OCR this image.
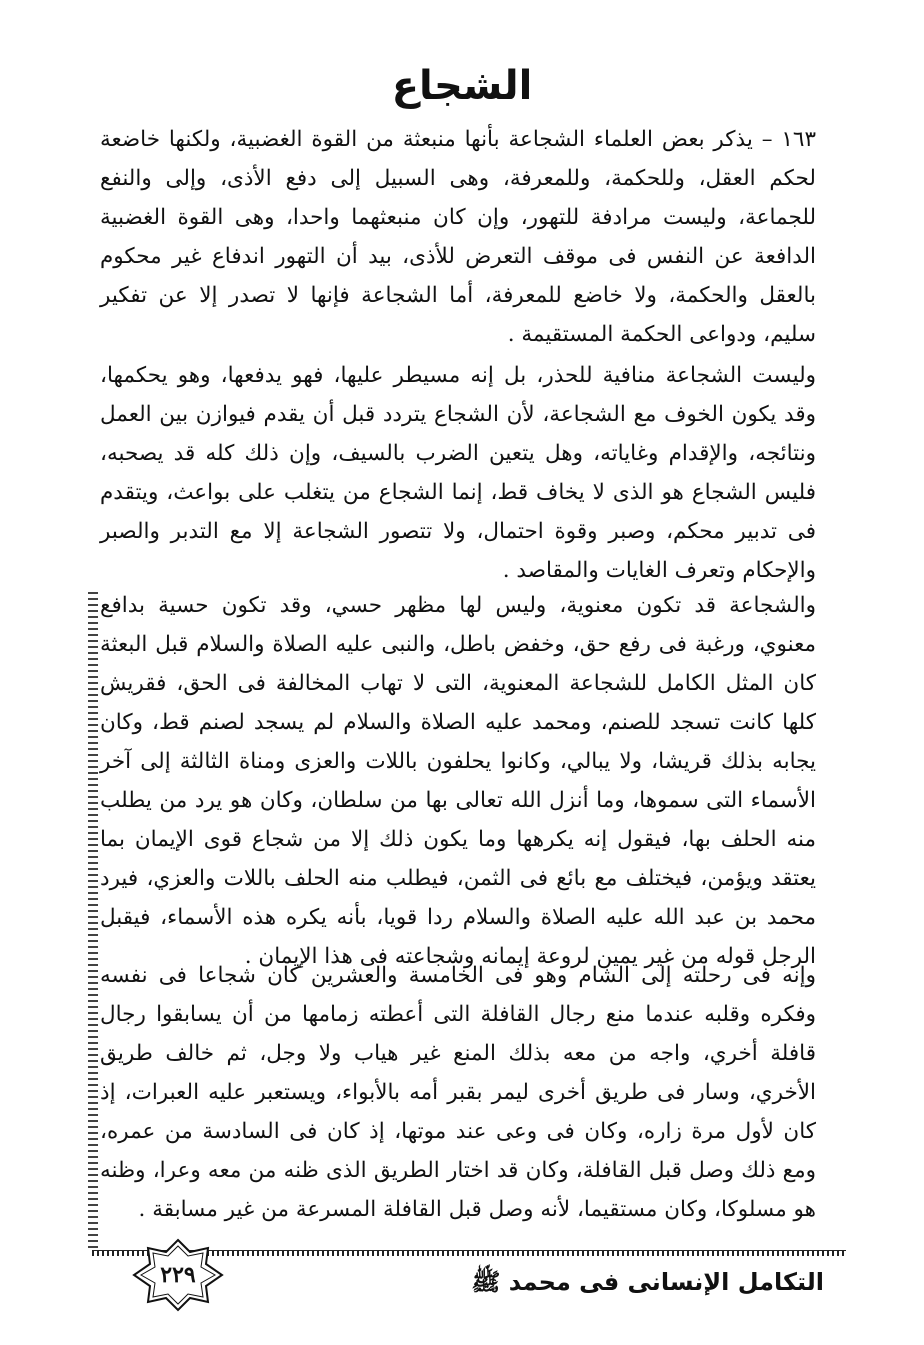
الشجاع

١٦٣ – يذكر بعض العلماء الشجاعة بأنها منبعثة من القوة الغضبية، ولكنها خاضعة لحكم العقل، وللحكمة، وللمعرفة، وهى السبيل إلى دفع الأذى، وإلى والنفع للجماعة، وليست مرادفة للتهور، وإن كان منبعثهما واحدا، وهى القوة الغضبية الدافعة عن النفس فى موقف التعرض للأذى، بيد أن التهور اندفاع غير محكوم بالعقل والحكمة، ولا خاضع للمعرفة، أما الشجاعة فإنها لا تصدر إلا عن تفكير سليم، ودواعى الحكمة المستقيمة .

وليست الشجاعة منافية للحذر، بل إنه مسيطر عليها، فهو يدفعها، وهو يحكمها، وقد يكون الخوف مع الشجاعة، لأن الشجاع يتردد قبل أن يقدم فيوازن بين العمل ونتائجه، والإقدام وغاياته، وهل يتعين الضرب بالسيف، وإن ذلك كله قد يصحبه، فليس الشجاع هو الذى لا يخاف قط، إنما الشجاع من يتغلب على بواعث، ويتقدم فى تدبير محكم، وصبر وقوة احتمال، ولا تتصور الشجاعة إلا مع التدبر والصبر والإحكام وتعرف الغايات والمقاصد .

والشجاعة قد تكون معنوية، وليس لها مظهر حسي، وقد تكون حسية بدافع معنوي، ورغبة فى رفع حق، وخفض باطل، والنبى عليه الصلاة والسلام قبل البعثة كان المثل الكامل للشجاعة المعنوية، التى لا تهاب المخالفة فى الحق، فقريش كلها كانت تسجد للصنم، ومحمد عليه الصلاة والسلام لم يسجد لصنم قط، وكان يجابه بذلك قريشا، ولا يبالي، وكانوا يحلفون باللات والعزى ومناة الثالثة إلى آخر الأسماء التى سموها، وما أنزل الله تعالى بها من سلطان، وكان هو يرد من يطلب منه الحلف بها، فيقول إنه يكرهها وما يكون ذلك إلا من شجاع قوى الإيمان بما يعتقد ويؤمن، فيختلف مع بائع فى الثمن، فيطلب منه الحلف باللات والعزي، فيرد محمد بن عبد الله عليه الصلاة والسلام ردا قويا، بأنه يكره هذه الأسماء، فيقبل الرجل قوله من غير يمين لروعة إيمانه وشجاعته فى هذا الإيمان .

وإنه فى رحلته إلى الشام وهو فى الخامسة والعشرين كان شجاعا فى نفسه وفكره وقلبه عندما منع رجال القافلة التى أعطته زمامها من أن يسابقوا رجال قافلة أخري، واجه من معه بذلك المنع غير هياب ولا وجل، ثم خالف طريق الأخري، وسار فى طريق أخرى ليمر بقبر أمه بالأبواء، ويستعبر عليه العبرات، إذ كان لأول مرة زاره، وكان فى وعى عند موتها، إذ كان فى السادسة من عمره، ومع ذلك وصل قبل القافلة، وكان قد اختار الطريق الذى ظنه من معه وعرا، وظنه هو مسلوكا، وكان مستقيما، لأنه وصل قبل القافلة المسرعة من غير مسابقة .

التكامل الإنسانى فى محمد ﷺ
٢٢٩
